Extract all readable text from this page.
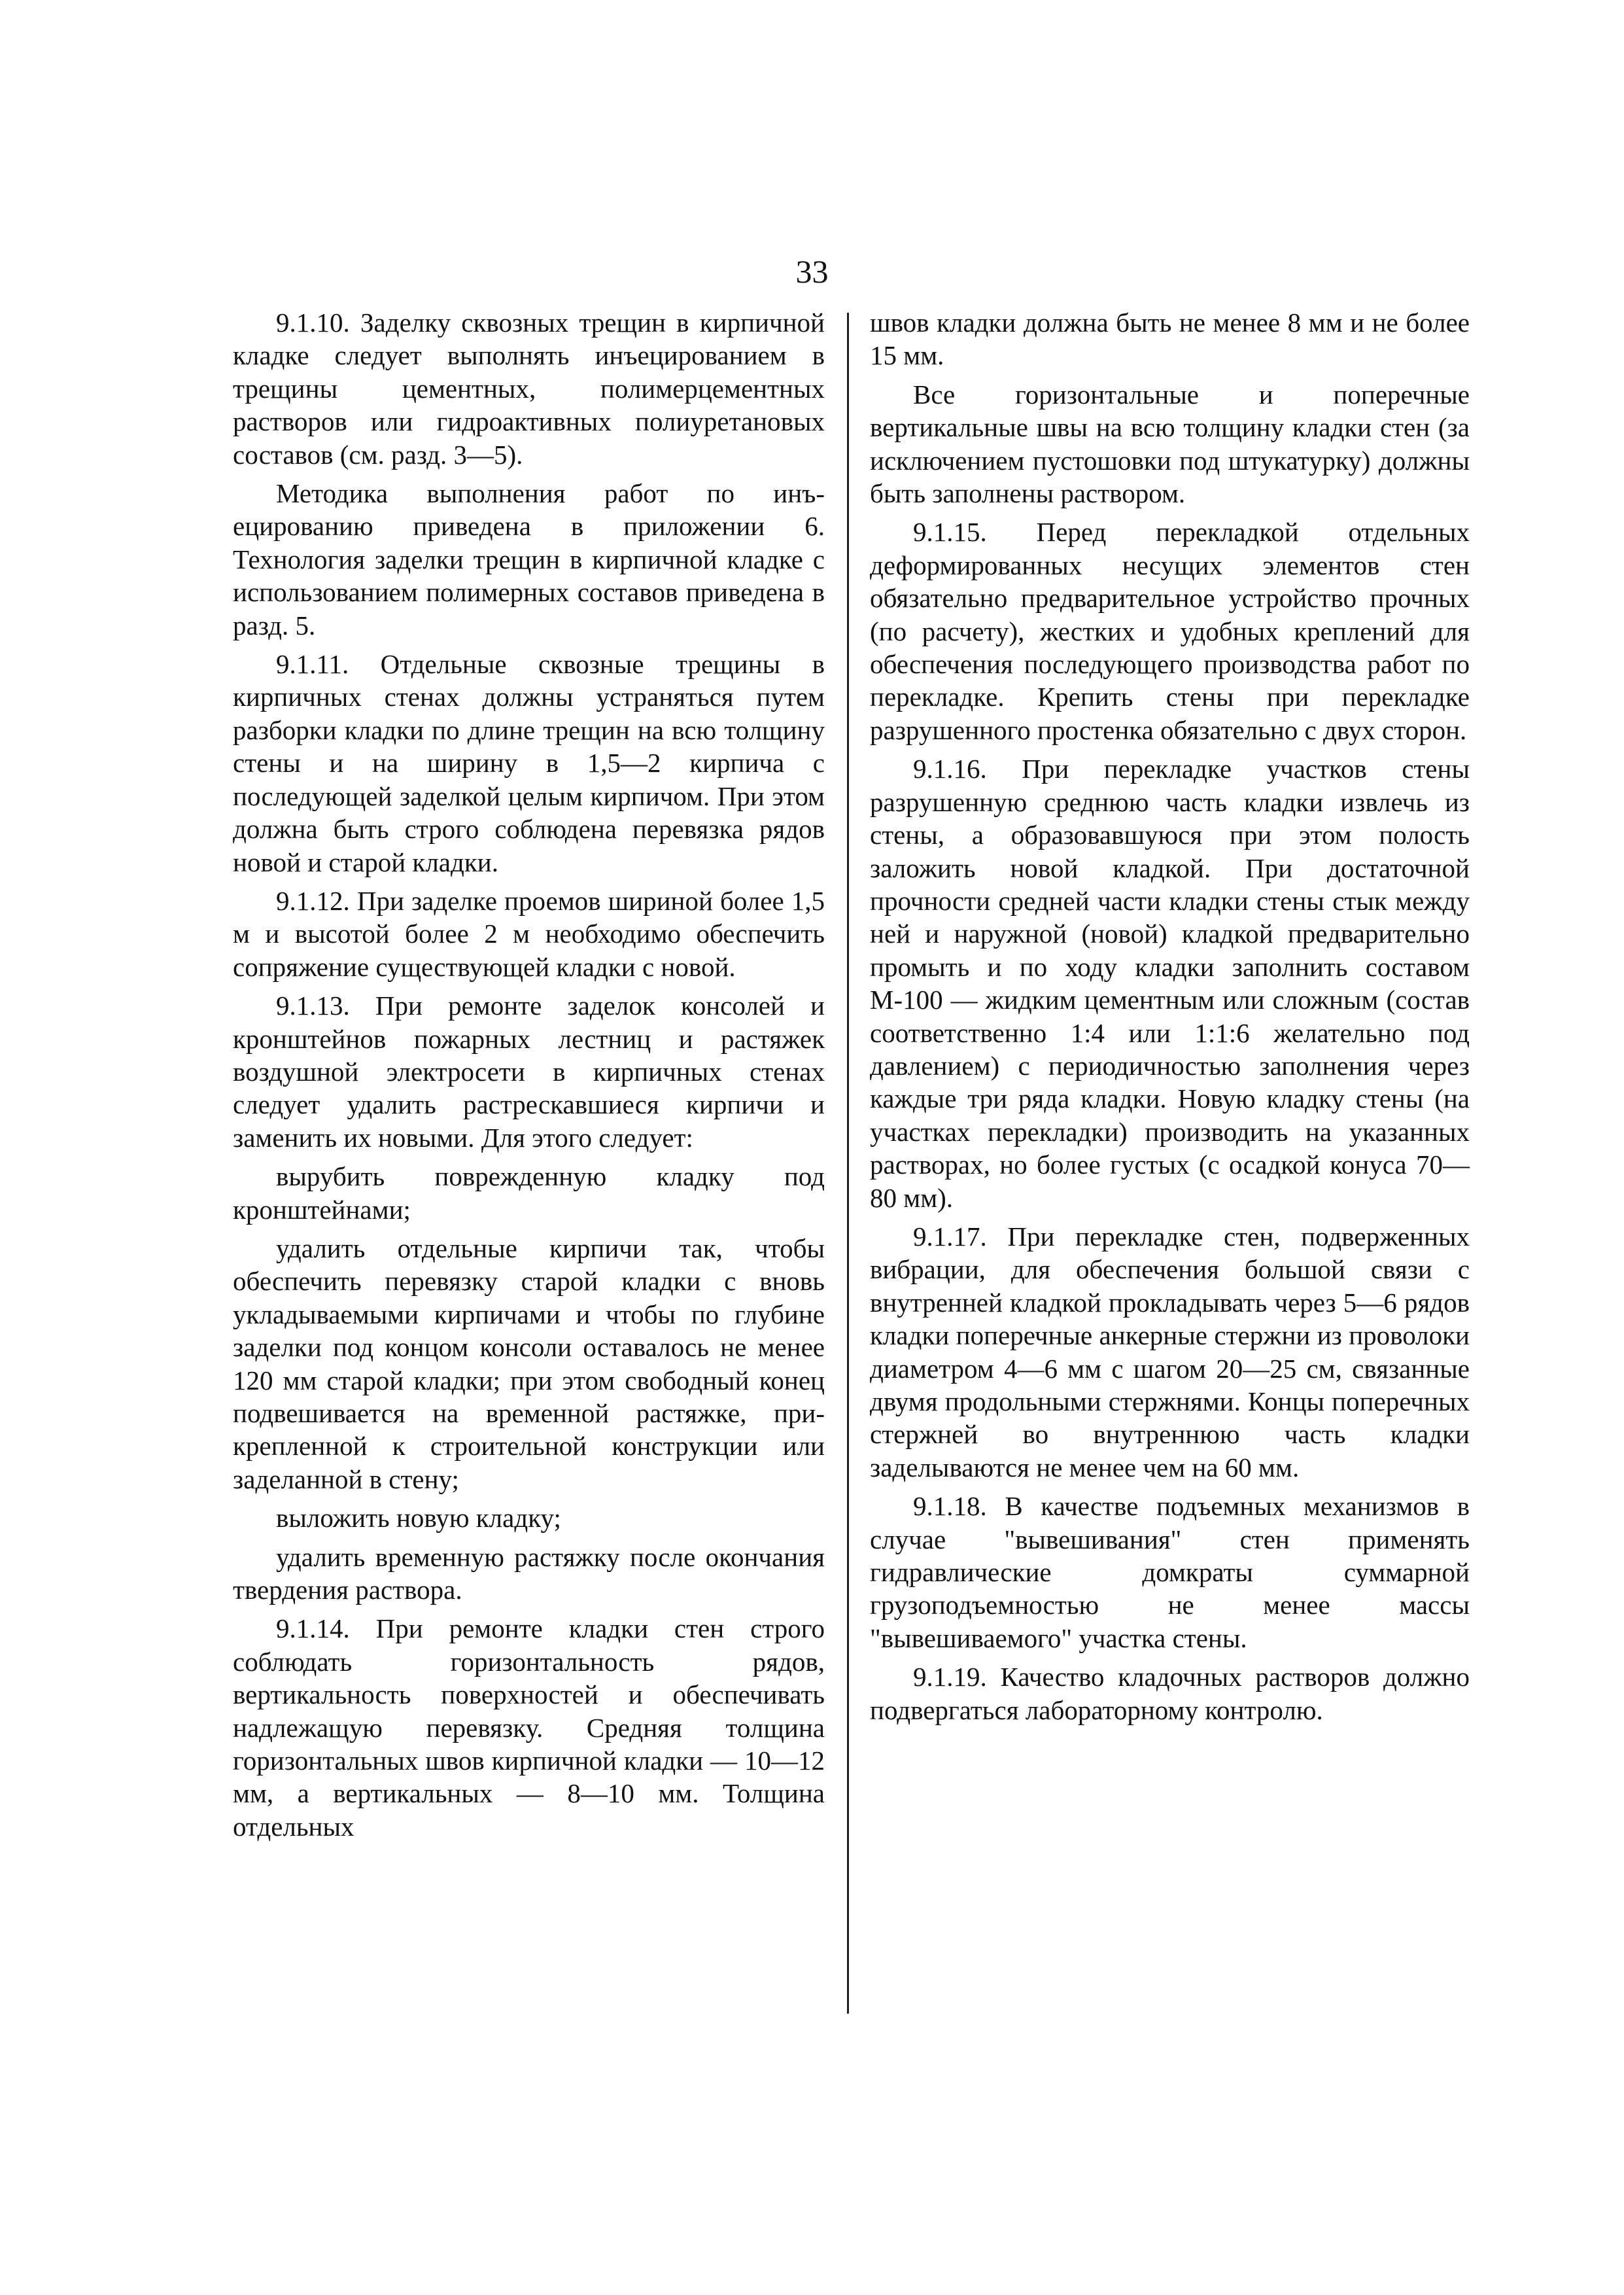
33

9.1.10. Заделку сквозных трещин в кирпичной кладке следует выполнять инъецированием в трещины цементных, полимерцементных растворов или гидроактивных полиуретановых составов (см. разд. 3—5).

Методика выполнения работ по инъецированию приведена в приложении 6. Технология заделки трещин в кирпичной кладке с использованием полимерных составов приведена в разд. 5.

9.1.11. Отдельные сквозные трещины в кирпичных стенах должны устраняться путем разборки кладки по длине трещин на всю толщину стены и на ширину в 1,5—2 кирпича с последующей заделкой целым кирпичом. При этом должна быть строго соблюдена перевязка рядов новой и старой кладки.

9.1.12. При заделке проемов шириной более 1,5 м и высотой более 2 м необходимо обеспечить сопряжение существующей кладки с новой.

9.1.13. При ремонте заделок консолей и кронштейнов пожарных лестниц и растяжек воздушной электросети в кирпичных стенах следует удалить растрескавшиеся кирпичи и заменить их новыми. Для этого следует:

вырубить поврежденную кладку под кронштейнами;

удалить отдельные кирпичи так, чтобы обеспечить перевязку старой кладки с вновь укладываемыми кирпичами и чтобы по глубине заделки под концом консоли оставалось не менее 120 мм старой кладки; при этом свободный конец подвешивается на временной растяжке, прикрепленной к строительной конструкции или заделанной в стену;

выложить новую кладку;

удалить временную растяжку после окончания твердения раствора.

9.1.14. При ремонте кладки стен строго соблюдать горизонтальность рядов, вертикальность поверхностей и обеспечивать надлежащую перевязку. Средняя толщина горизонтальных швов кирпичной кладки — 10—12 мм, а вертикальных — 8—10 мм. Толщина отдельных

швов кладки должна быть не менее 8 мм и не более 15 мм.

Все горизонтальные и поперечные вертикальные швы на всю толщину кладки стен (за исключением пустошовки под штукатурку) должны быть заполнены раствором.

9.1.15. Перед перекладкой отдельных деформированных несущих элементов стен обязательно предварительное устройство прочных (по расчету), жестких и удобных креплений для обеспечения последующего производства работ по перекладке. Крепить стены при перекладке разрушенного простенка обязательно с двух сторон.

9.1.16. При перекладке участков стены разрушенную среднюю часть кладки извлечь из стены, а образовавшуюся при этом полость заложить новой кладкой. При достаточной прочности средней части кладки стены стык между ней и наружной (новой) кладкой предварительно промыть и по ходу кладки заполнить составом М-100 — жидким цементным или сложным (состав соответственно 1:4 или 1:1:6 желательно под давлением) с периодичностью заполнения через каждые три ряда кладки. Новую кладку стены (на участках перекладки) производить на указанных растворах, но более густых (с осадкой конуса 70—80 мм).

9.1.17. При перекладке стен, подверженных вибрации, для обеспечения большой связи с внутренней кладкой прокладывать через 5—6 рядов кладки поперечные анкерные стержни из проволоки диаметром 4—6 мм с шагом 20—25 см, связанные двумя продольными стержнями. Концы поперечных стержней во внутреннюю часть кладки заделываются не менее чем на 60 мм.

9.1.18. В качестве подъемных механизмов в случае "вывешивания" стен применять гидравлические домкраты суммарной грузоподъемностью не менее массы "вывешиваемого" участка стены.

9.1.19. Качество кладочных растворов должно подвергаться лабораторному контролю.
